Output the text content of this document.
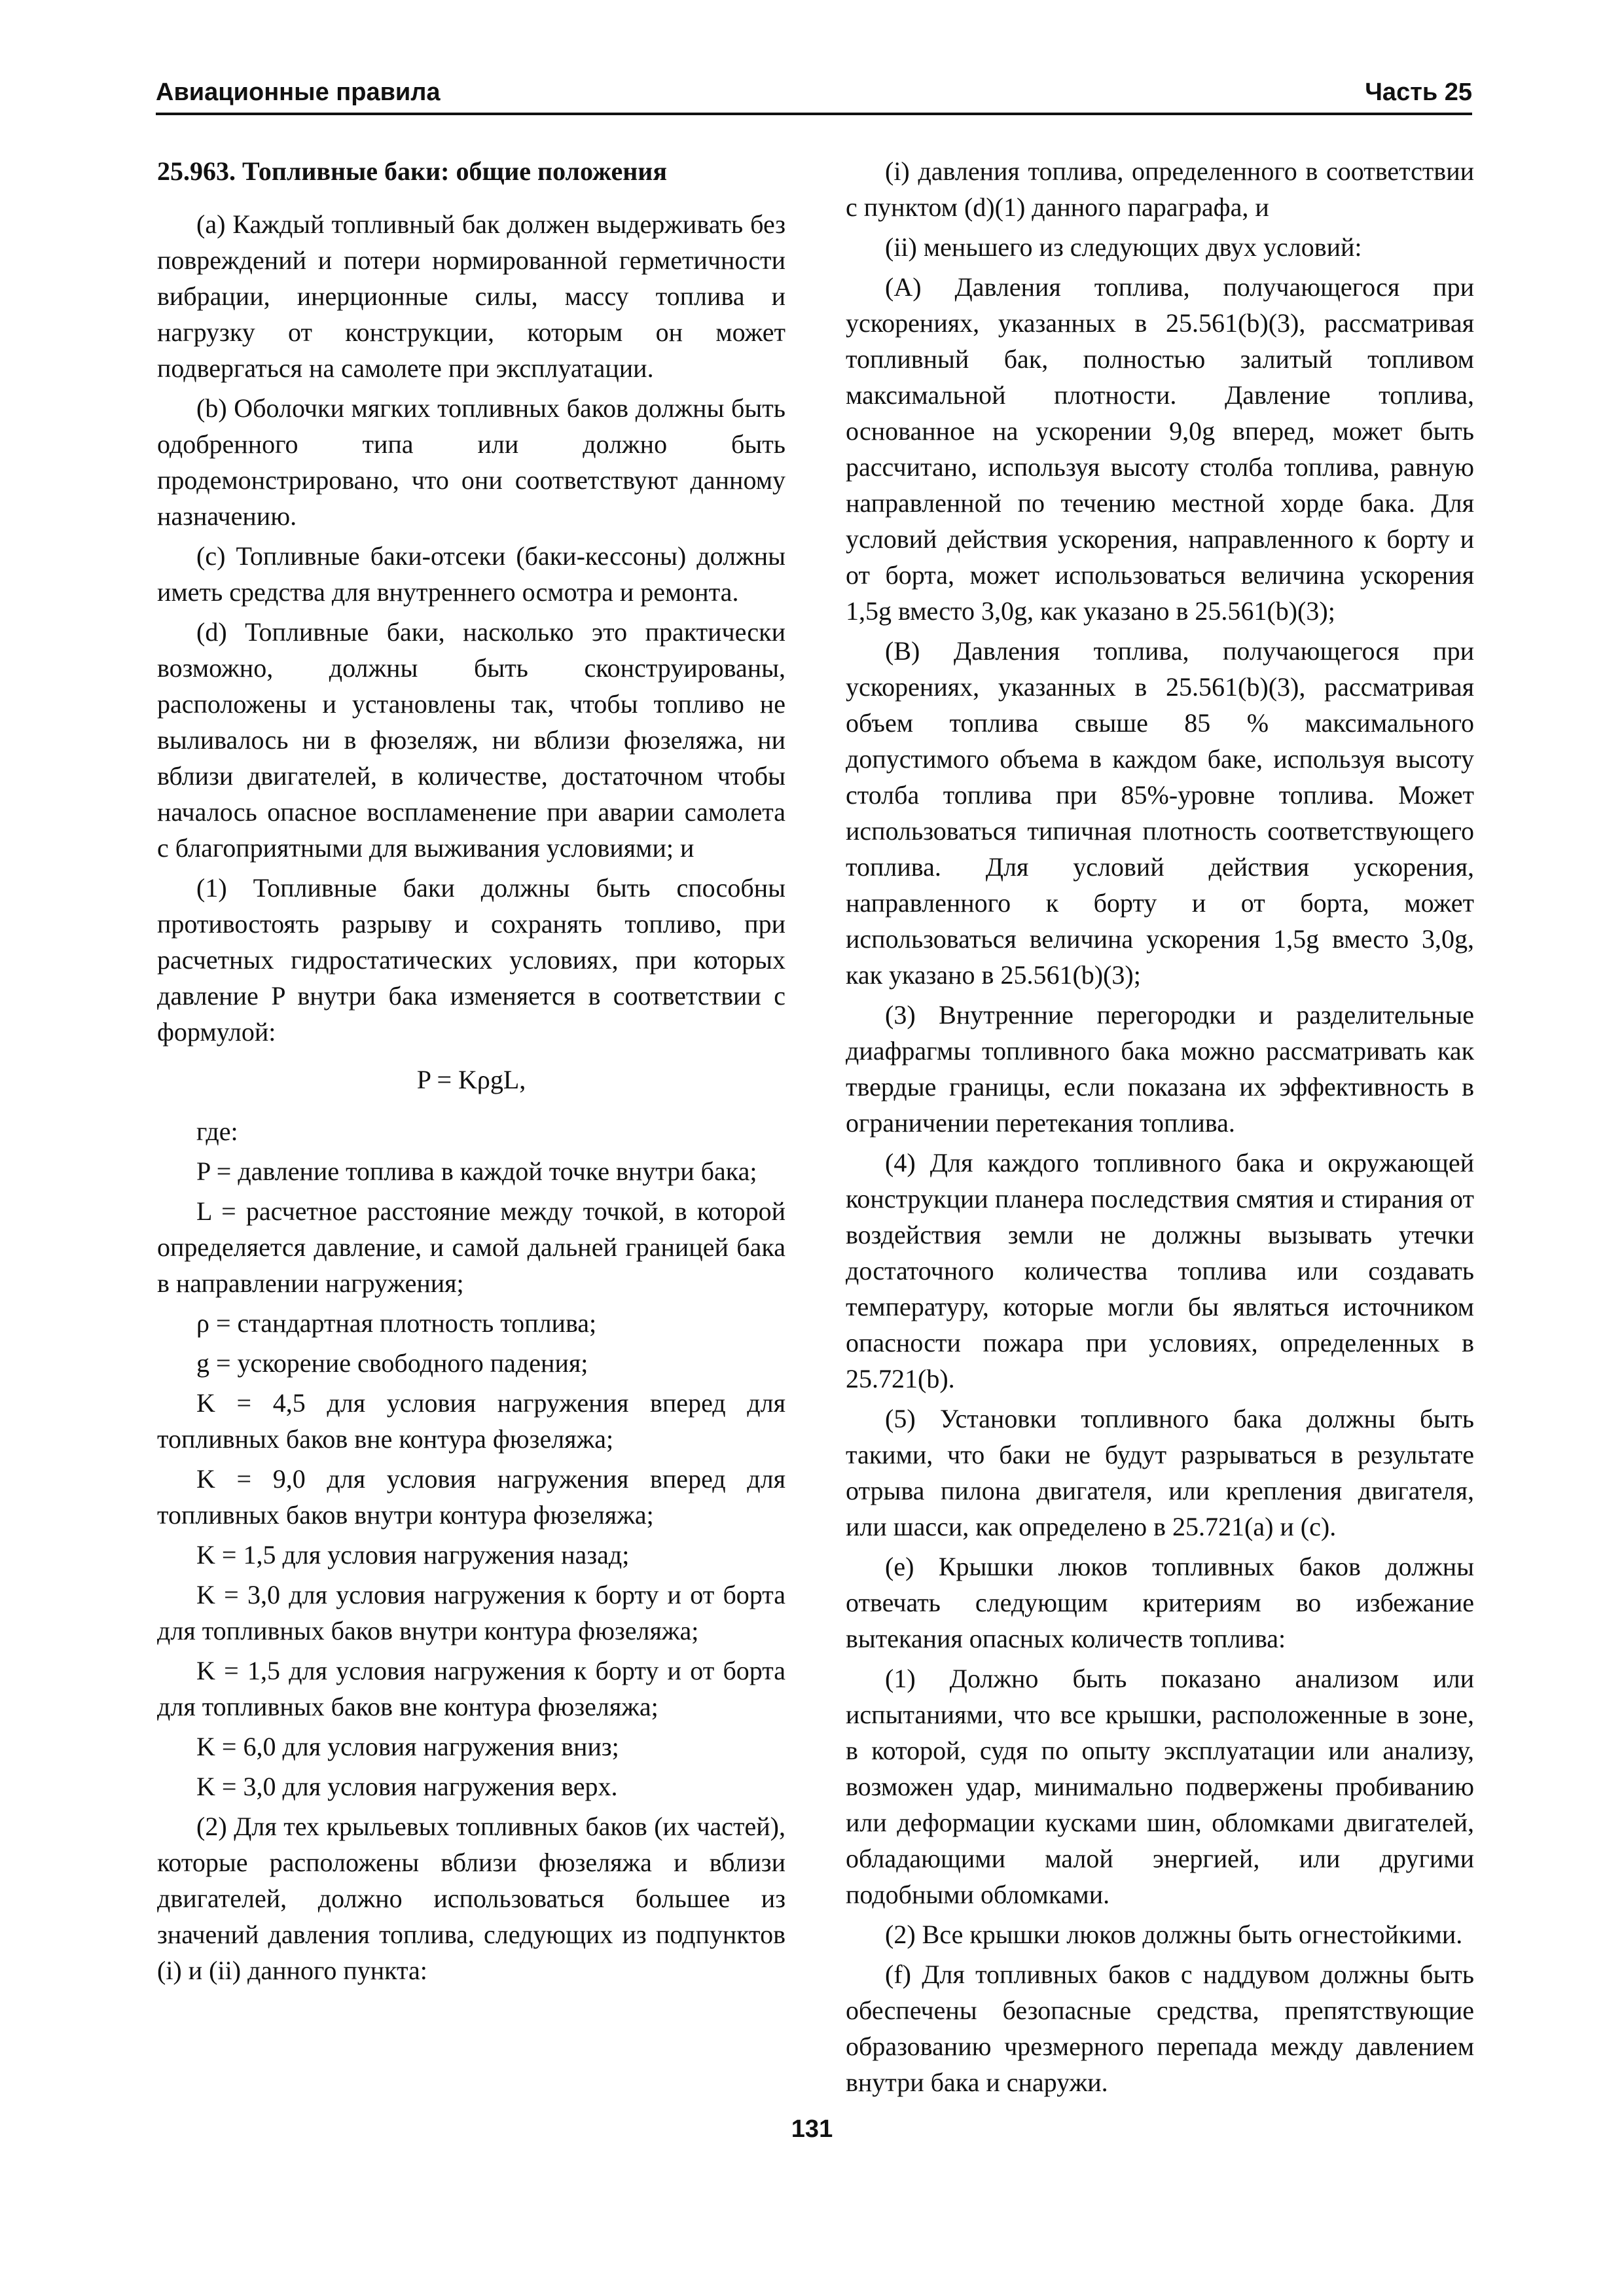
Авиационные правила	Часть 25

25.963. Топливные баки: общие положения

(a) Каждый топливный бак должен выдерживать без повреждений и потери нормированной герметичности вибрации, инерционные силы, массу топлива и нагрузку от конструкции, которым он может подвергаться на самолете при эксплуатации.

(b) Оболочки мягких топливных баков должны быть одобренного типа или должно быть продемонстрировано, что они соответствуют данному назначению.

(c) Топливные баки-отсеки (баки-кессоны) должны иметь средства для внутреннего осмотра и ремонта.

(d) Топливные баки, насколько это практически возможно, должны быть сконструированы, расположены и установлены так, чтобы топливо не выливалось ни в фюзеляж, ни вблизи фюзеляжа, ни вблизи двигателей, в количестве, достаточном чтобы началось опасное воспламенение при аварии самолета с благоприятными для выживания условиями; и

(1) Топливные баки должны быть способны противостоять разрыву и сохранять топливо, при расчетных гидростатических условиях, при которых давление P внутри бака изменяется в соответствии с формулой:

P = KρgL,

где:

P = давление топлива в каждой точке внутри бака;

L = расчетное расстояние между точкой, в которой определяется давление, и самой дальней границей бака в направлении нагружения;

ρ = стандартная плотность топлива;

g = ускорение свободного падения;

K = 4,5 для условия нагружения вперед для топливных баков вне контура фюзеляжа;

K = 9,0 для условия нагружения вперед для топливных баков внутри контура фюзеляжа;

K = 1,5 для условия нагружения назад;

K = 3,0 для условия нагружения к борту и от борта для топливных баков внутри контура фюзеляжа;

K = 1,5 для условия нагружения к борту и от борта для топливных баков вне контура фюзеляжа;

K = 6,0 для условия нагружения вниз;

K = 3,0 для условия нагружения верх.

(2) Для тех крыльевых топливных баков (их частей), которые расположены вблизи фюзеляжа и вблизи двигателей, должно использоваться большее из значений давления топлива, следующих из подпунктов (i) и (ii) данного пункта:

(i) давления топлива, определенного в соответствии с пунктом (d)(1) данного параграфа, и

(ii) меньшего из следующих двух условий:

(A) Давления топлива, получающегося при ускорениях, указанных в 25.561(b)(3), рассматривая топливный бак, полностью залитый топливом максимальной плотности. Давление топлива, основанное на ускорении 9,0g вперед, может быть рассчитано, используя высоту столба топлива, равную направленной по течению местной хорде бака. Для условий действия ускорения, направленного к борту и от борта, может использоваться величина ускорения 1,5g вместо 3,0g, как указано в 25.561(b)(3);

(B) Давления топлива, получающегося при ускорениях, указанных в 25.561(b)(3), рассматривая объем топлива свыше 85 % максимального допустимого объема в каждом баке, используя высоту столба топлива при 85%-уровне топлива. Может использоваться типичная плотность соответствующего топлива. Для условий действия ускорения, направленного к борту и от борта, может использоваться величина ускорения 1,5g вместо 3,0g, как указано в 25.561(b)(3);

(3) Внутренние перегородки и разделительные диафрагмы топливного бака можно рассматривать как твердые границы, если показана их эффективность в ограничении перетекания топлива.

(4) Для каждого топливного бака и окружающей конструкции планера последствия смятия и стирания от воздействия земли не должны вызывать утечки достаточного количества топлива или создавать температуру, которые могли бы являться источником опасности пожара при условиях, определенных в 25.721(b).

(5) Установки топливного бака должны быть такими, что баки не будут разрываться в результате отрыва пилона двигателя, или крепления двигателя, или шасси, как определено в 25.721(a) и (c).

(e) Крышки люков топливных баков должны отвечать следующим критериям во избежание вытекания опасных количеств топлива:

(1) Должно быть показано анализом или испытаниями, что все крышки, расположенные в зоне, в которой, судя по опыту эксплуатации или анализу, возможен удар, минимально подвержены пробиванию или деформации кусками шин, обломками двигателей, обладающими малой энергией, или другими подобными обломками.

(2) Все крышки люков должны быть огнестойкими.

(f) Для топливных баков с наддувом должны быть обеспечены безопасные средства, препятствующие образованию чрезмерного перепада между давлением внутри бака и снаружи.

131
